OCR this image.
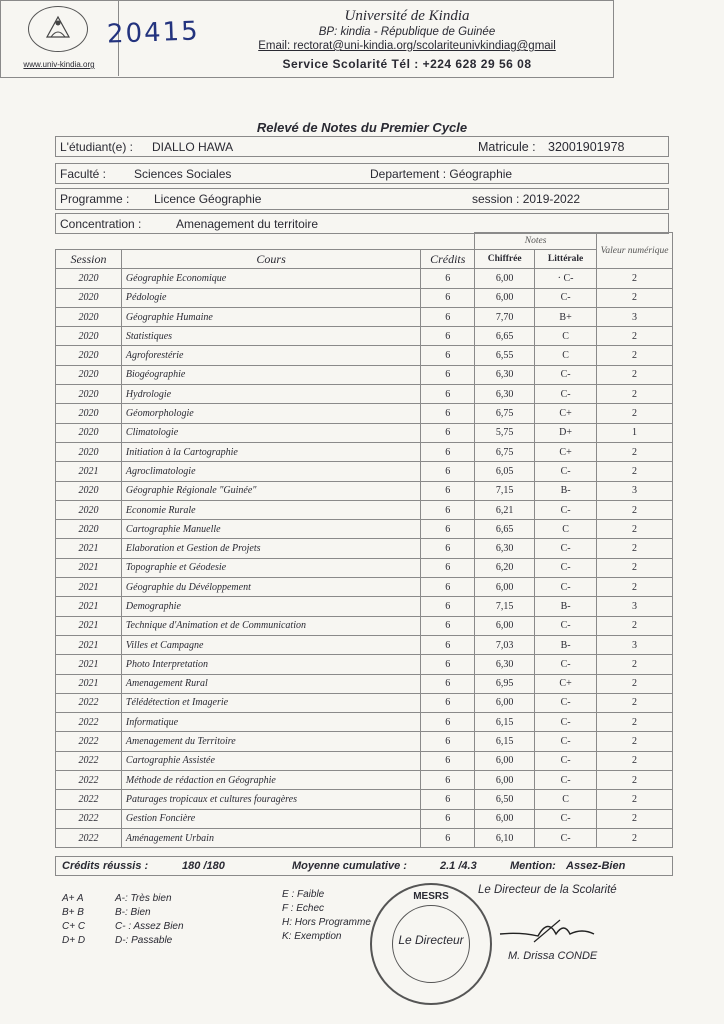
www.univ-kindia.org
20415
Université de Kindia
BP: kindia - République de Guinée
Email: rectorat@uni-kindia.org/scolariteunivkindiag@gmail
Service Scolarité Tél : +224 628 29 56 08
Relevé de Notes du Premier Cycle
L'étudiant(e) : DIALLO HAWA	Matricule : 32001901978
Faculté : Sciences Sociales	Departement : Géographie
Programme : Licence Géographie	session : 2019-2022
Concentration :	Amenagement du territoire
			Notes		Valeur numérique
Session	Cours	Crédits	Chiffrée	Littérale	
2020	Géographie Economique	6	6,00	· C-	2
2020	Pédologie	6	6,00	C-	2
2020	Géographie Humaine	6	7,70	B+	3
2020	Statistiques	6	6,65	C	2
2020	Agroforestérie	6	6,55	C	2
2020	Biogéographie	6	6,30	C-	2
2020	Hydrologie	6	6,30	C-	2
2020	Géomorphologie	6	6,75	C+	2
2020	Climatologie	6	5,75	D+	1
2020	Initiation à la Cartographie	6	6,75	C+	2
2021	Agroclimatologie	6	6,05	C-	2
2020	Géographie Régionale "Guinée"	6	7,15	B-	3
2020	Economie Rurale	6	6,21	C-	2
2020	Cartographie Manuelle	6	6,65	C	2
2021	Elaboration et Gestion de Projets	6	6,30	C-	2
2021	Topographie et Géodesie	6	6,20	C-	2
2021	Géographie du Dévéloppement	6	6,00	C-	2
2021	Demographie	6	7,15	B-	3
2021	Technique d'Animation et de Communication	6	6,00	C-	2
2021	Villes et Campagne	6	7,03	B-	3
2021	Photo Interpretation	6	6,30	C-	2
2021	Amenagement Rural	6	6,95	C+	2
2022	Télédétection et Imagerie	6	6,00	C-	2
2022	Informatique	6	6,15	C-	2
2022	Amenagement du Territoire	6	6,15	C-	2
2022	Cartographie Assistée	6	6,00	C-	2
2022	Méthode de rédaction en Géographie	6	6,00	C-	2
2022	Paturages tropicaux et cultures fouragères	6	6,50	C	2
2022	Gestion Foncière	6	6,00	C-	2
2022	Aménagement Urbain	6	6,10	C-	2
Crédits réussis :	180 /180	Moyenne cumulative :	2.1 /4.3	Mention: Assez-Bien
A+ A
B+ B
C+ C
D+ D
A-: Très bien
B-: Bien
C- : Assez Bien
D-: Passable
E : Faible
F : Echec
H: Hors Programme
K: Exemption
Le Directeur de la Scolarité
MESRS
Le Directeur
M. Drissa CONDE
